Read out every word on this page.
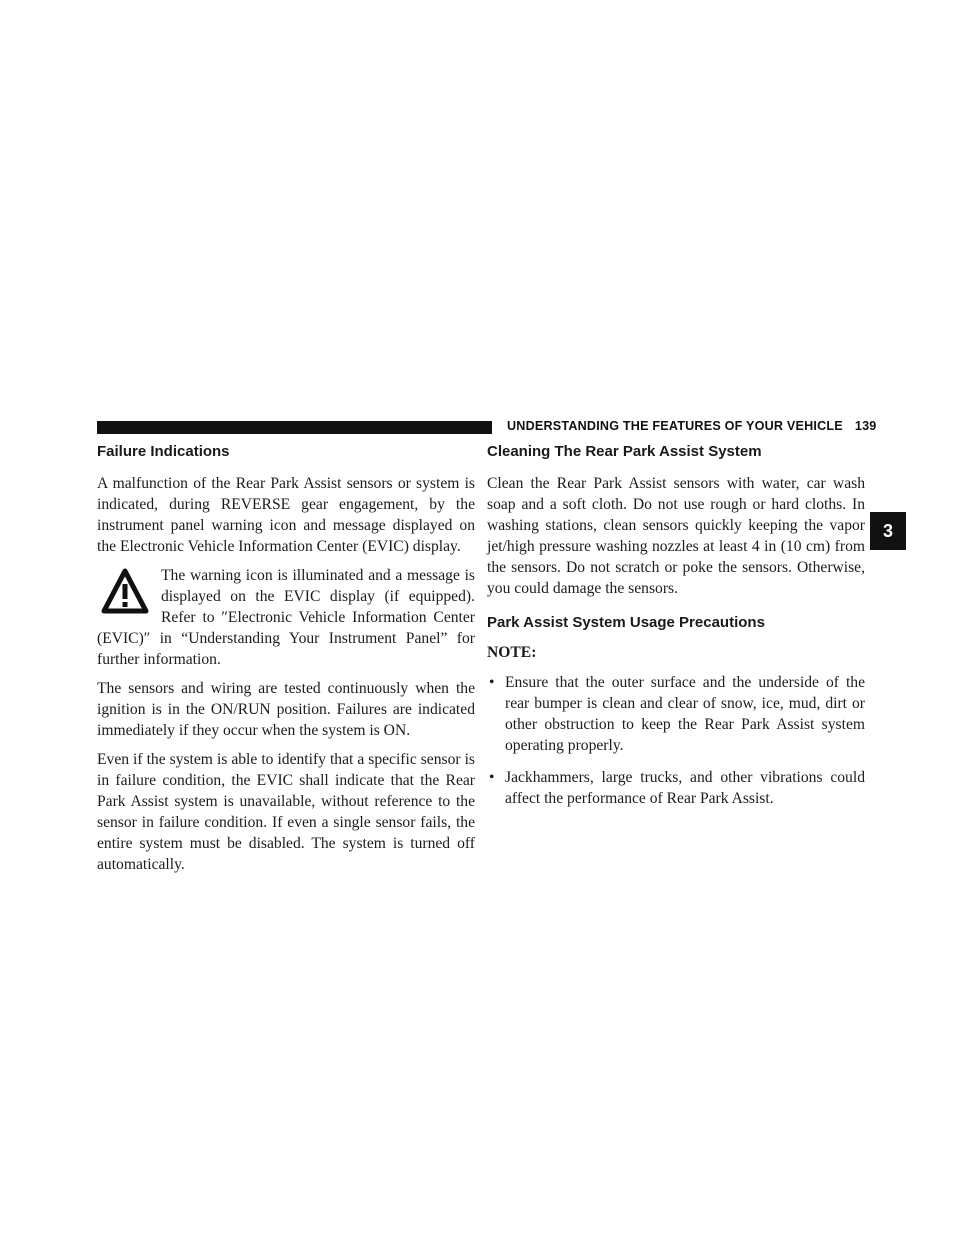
UNDERSTANDING THE FEATURES OF YOUR VEHICLE 139
3
Failure Indications

A malfunction of the Rear Park Assist sensors or system is indicated, during REVERSE gear engagement, by the instrument panel warning icon and message displayed on the Electronic Vehicle Information Center (EVIC) display.

The warning icon is illuminated and a message is displayed on the EVIC display (if equipped). Refer to ″Electronic Vehicle Information Center (EVIC)″ in “Understanding Your Instrument Panel” for further information.

The sensors and wiring are tested continuously when the ignition is in the ON/RUN position. Failures are indicated immediately if they occur when the system is ON.

Even if the system is able to identify that a specific sensor is in failure condition, the EVIC shall indicate that the Rear Park Assist system is unavailable, without reference to the sensor in failure condition. If even a single sensor fails, the entire system must be disabled. The system is turned off automatically.

Cleaning The Rear Park Assist System

Clean the Rear Park Assist sensors with water, car wash soap and a soft cloth. Do not use rough or hard cloths. In washing stations, clean sensors quickly keeping the vapor jet/high pressure washing nozzles at least 4 in (10 cm) from the sensors. Do not scratch or poke the sensors. Otherwise, you could damage the sensors.

Park Assist System Usage Precautions
NOTE:
• Ensure that the outer surface and the underside of the rear bumper is clean and clear of snow, ice, mud, dirt or other obstruction to keep the Rear Park Assist system operating properly.
• Jackhammers, large trucks, and other vibrations could affect the performance of Rear Park Assist.
